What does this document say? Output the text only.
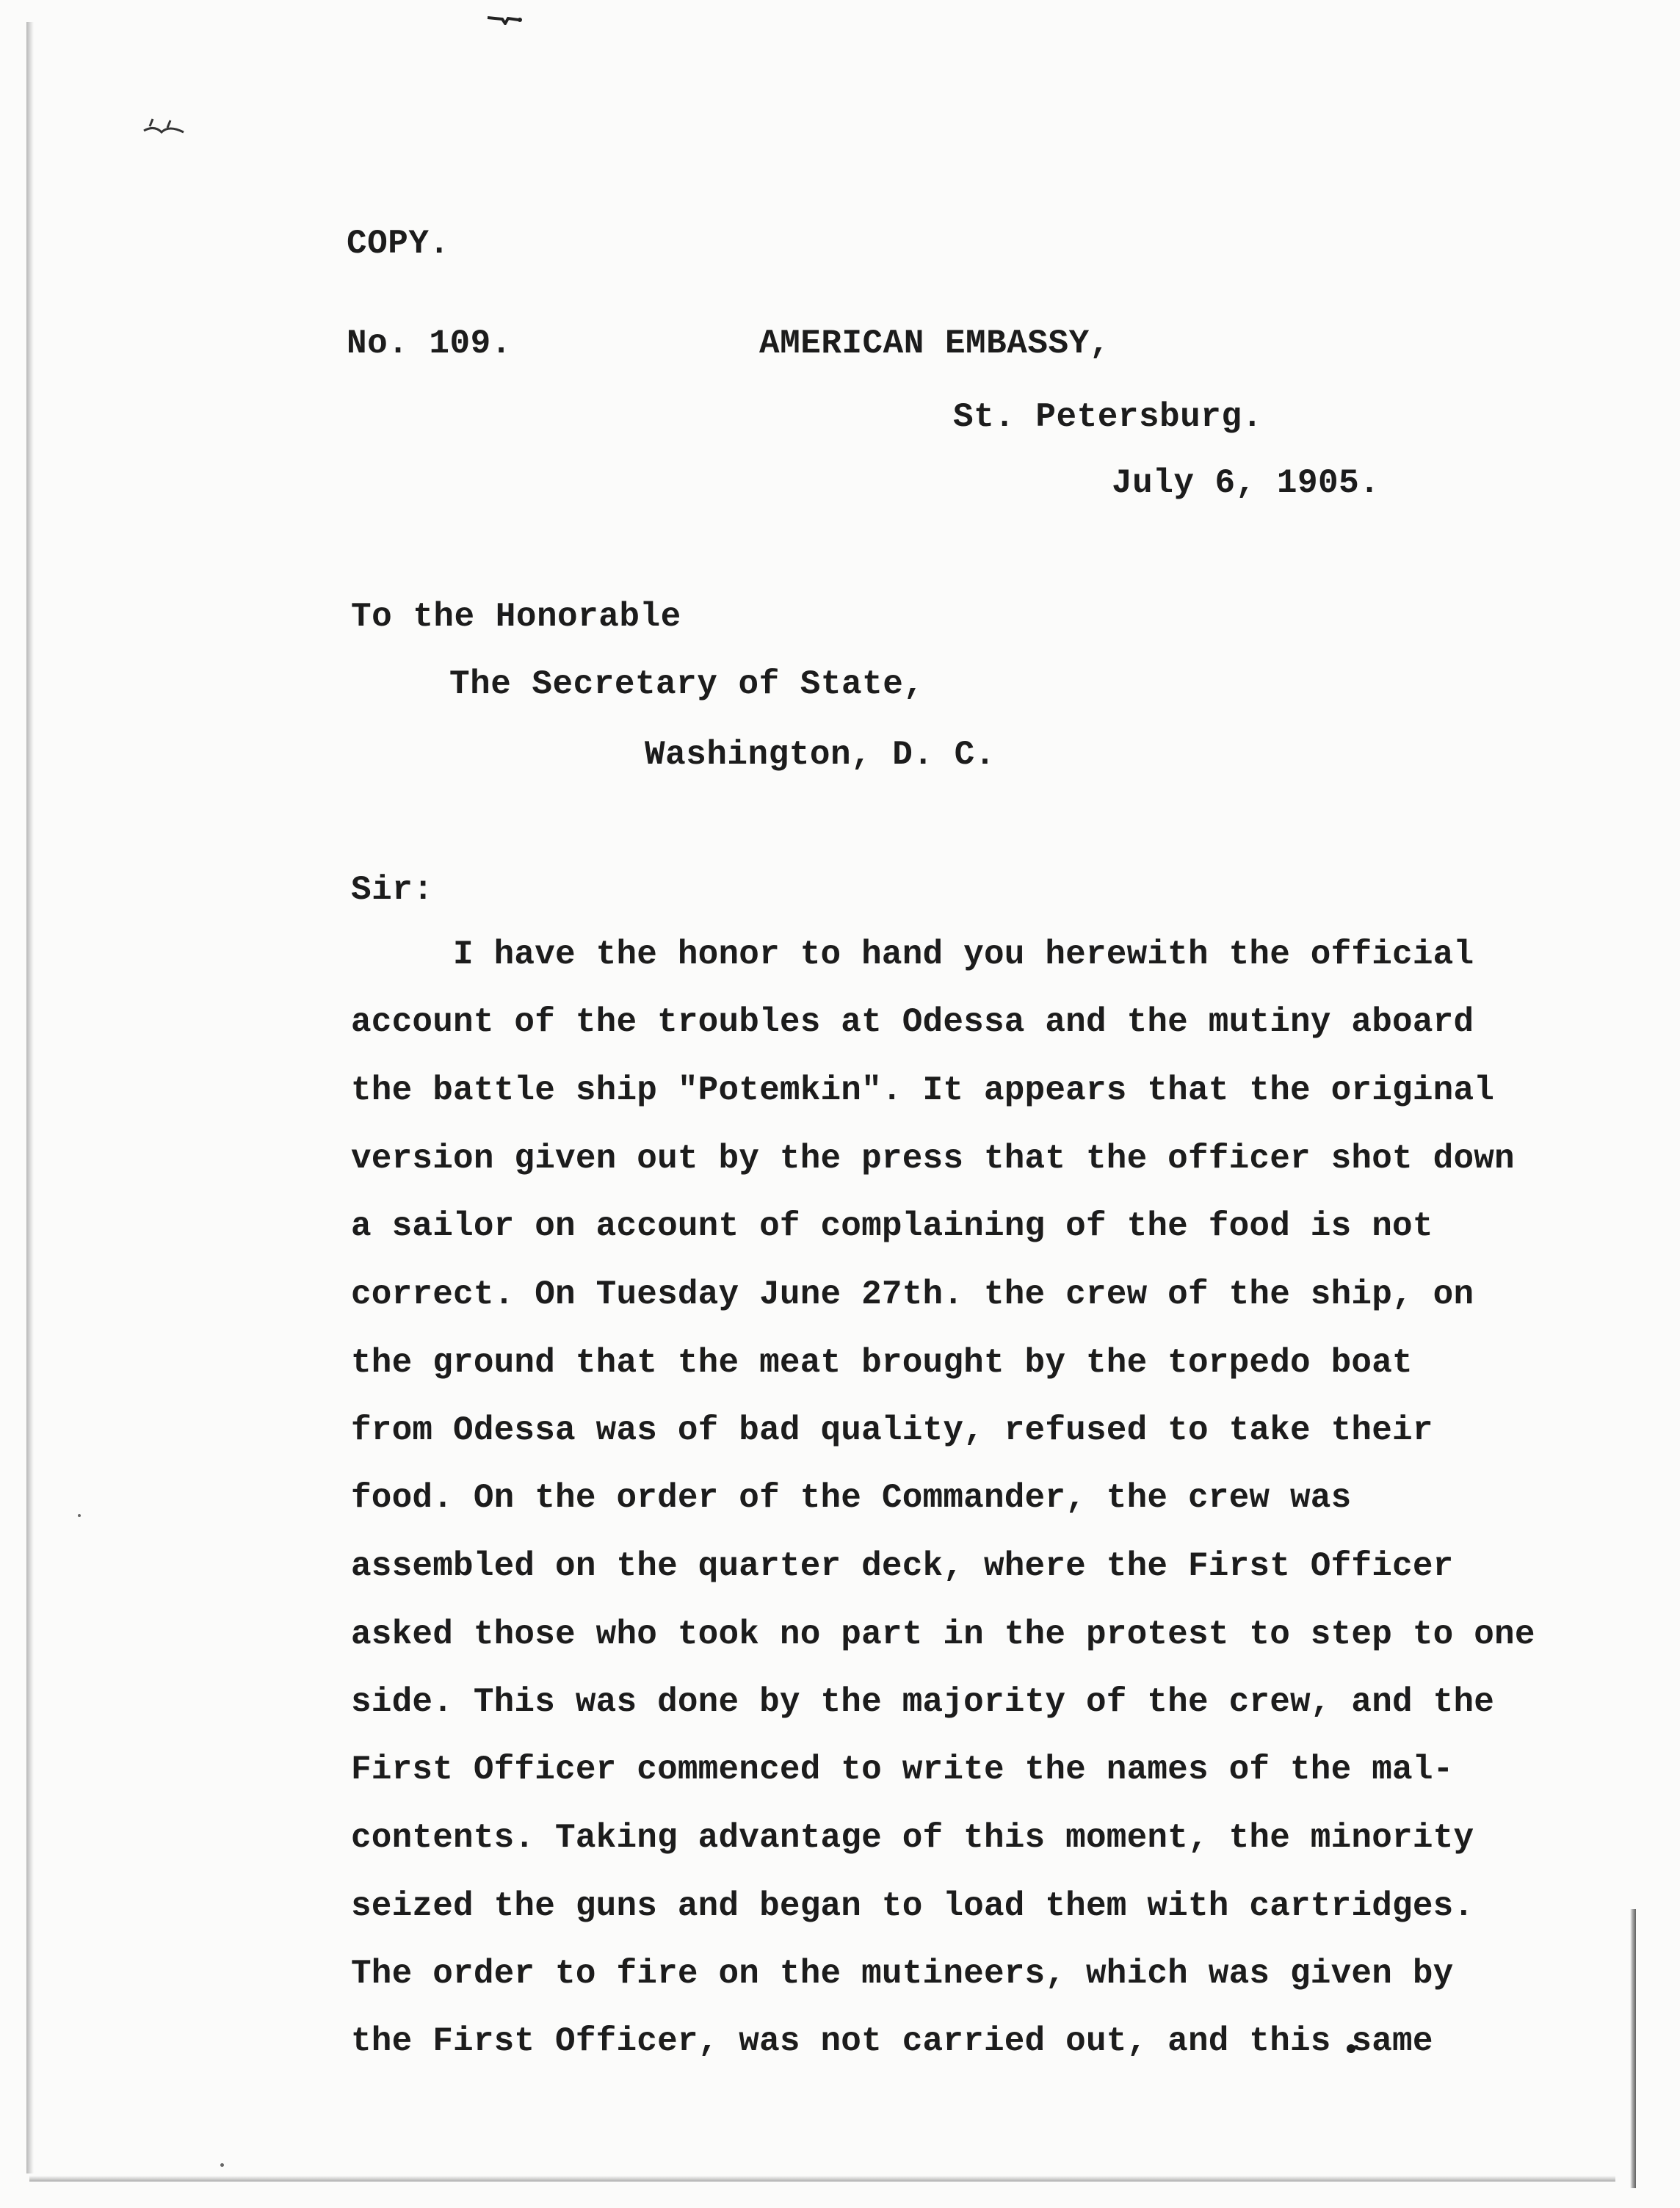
COPY.
No. 109.	AMERICAN EMBASSY,
St. Petersburg.
July 6, 1905.
To the Honorable
The Secretary of State,
Washington, D. C.
Sir:
I have the honor to hand you herewith the official
account of the troubles at Odessa and the mutiny aboard
the battle ship "Potemkin". It appears that the original
version given out by the press that the officer shot down
a sailor on account of complaining of the food is not
correct. On Tuesday June 27th. the crew of the ship, on
the ground that the meat brought by the torpedo boat
from Odessa was of bad quality, refused to take their
food. On the order of the Commander, the crew was
assembled on the quarter deck, where the First Officer
asked those who took no part in the protest to step to one
side. This was done by the majority of the crew, and the
First Officer commenced to write the names of the mal-
contents. Taking advantage of this moment, the minority
seized the guns and began to load them with cartridges.
The order to fire on the mutineers, which was given by
the First Officer, was not carried out, and this same
